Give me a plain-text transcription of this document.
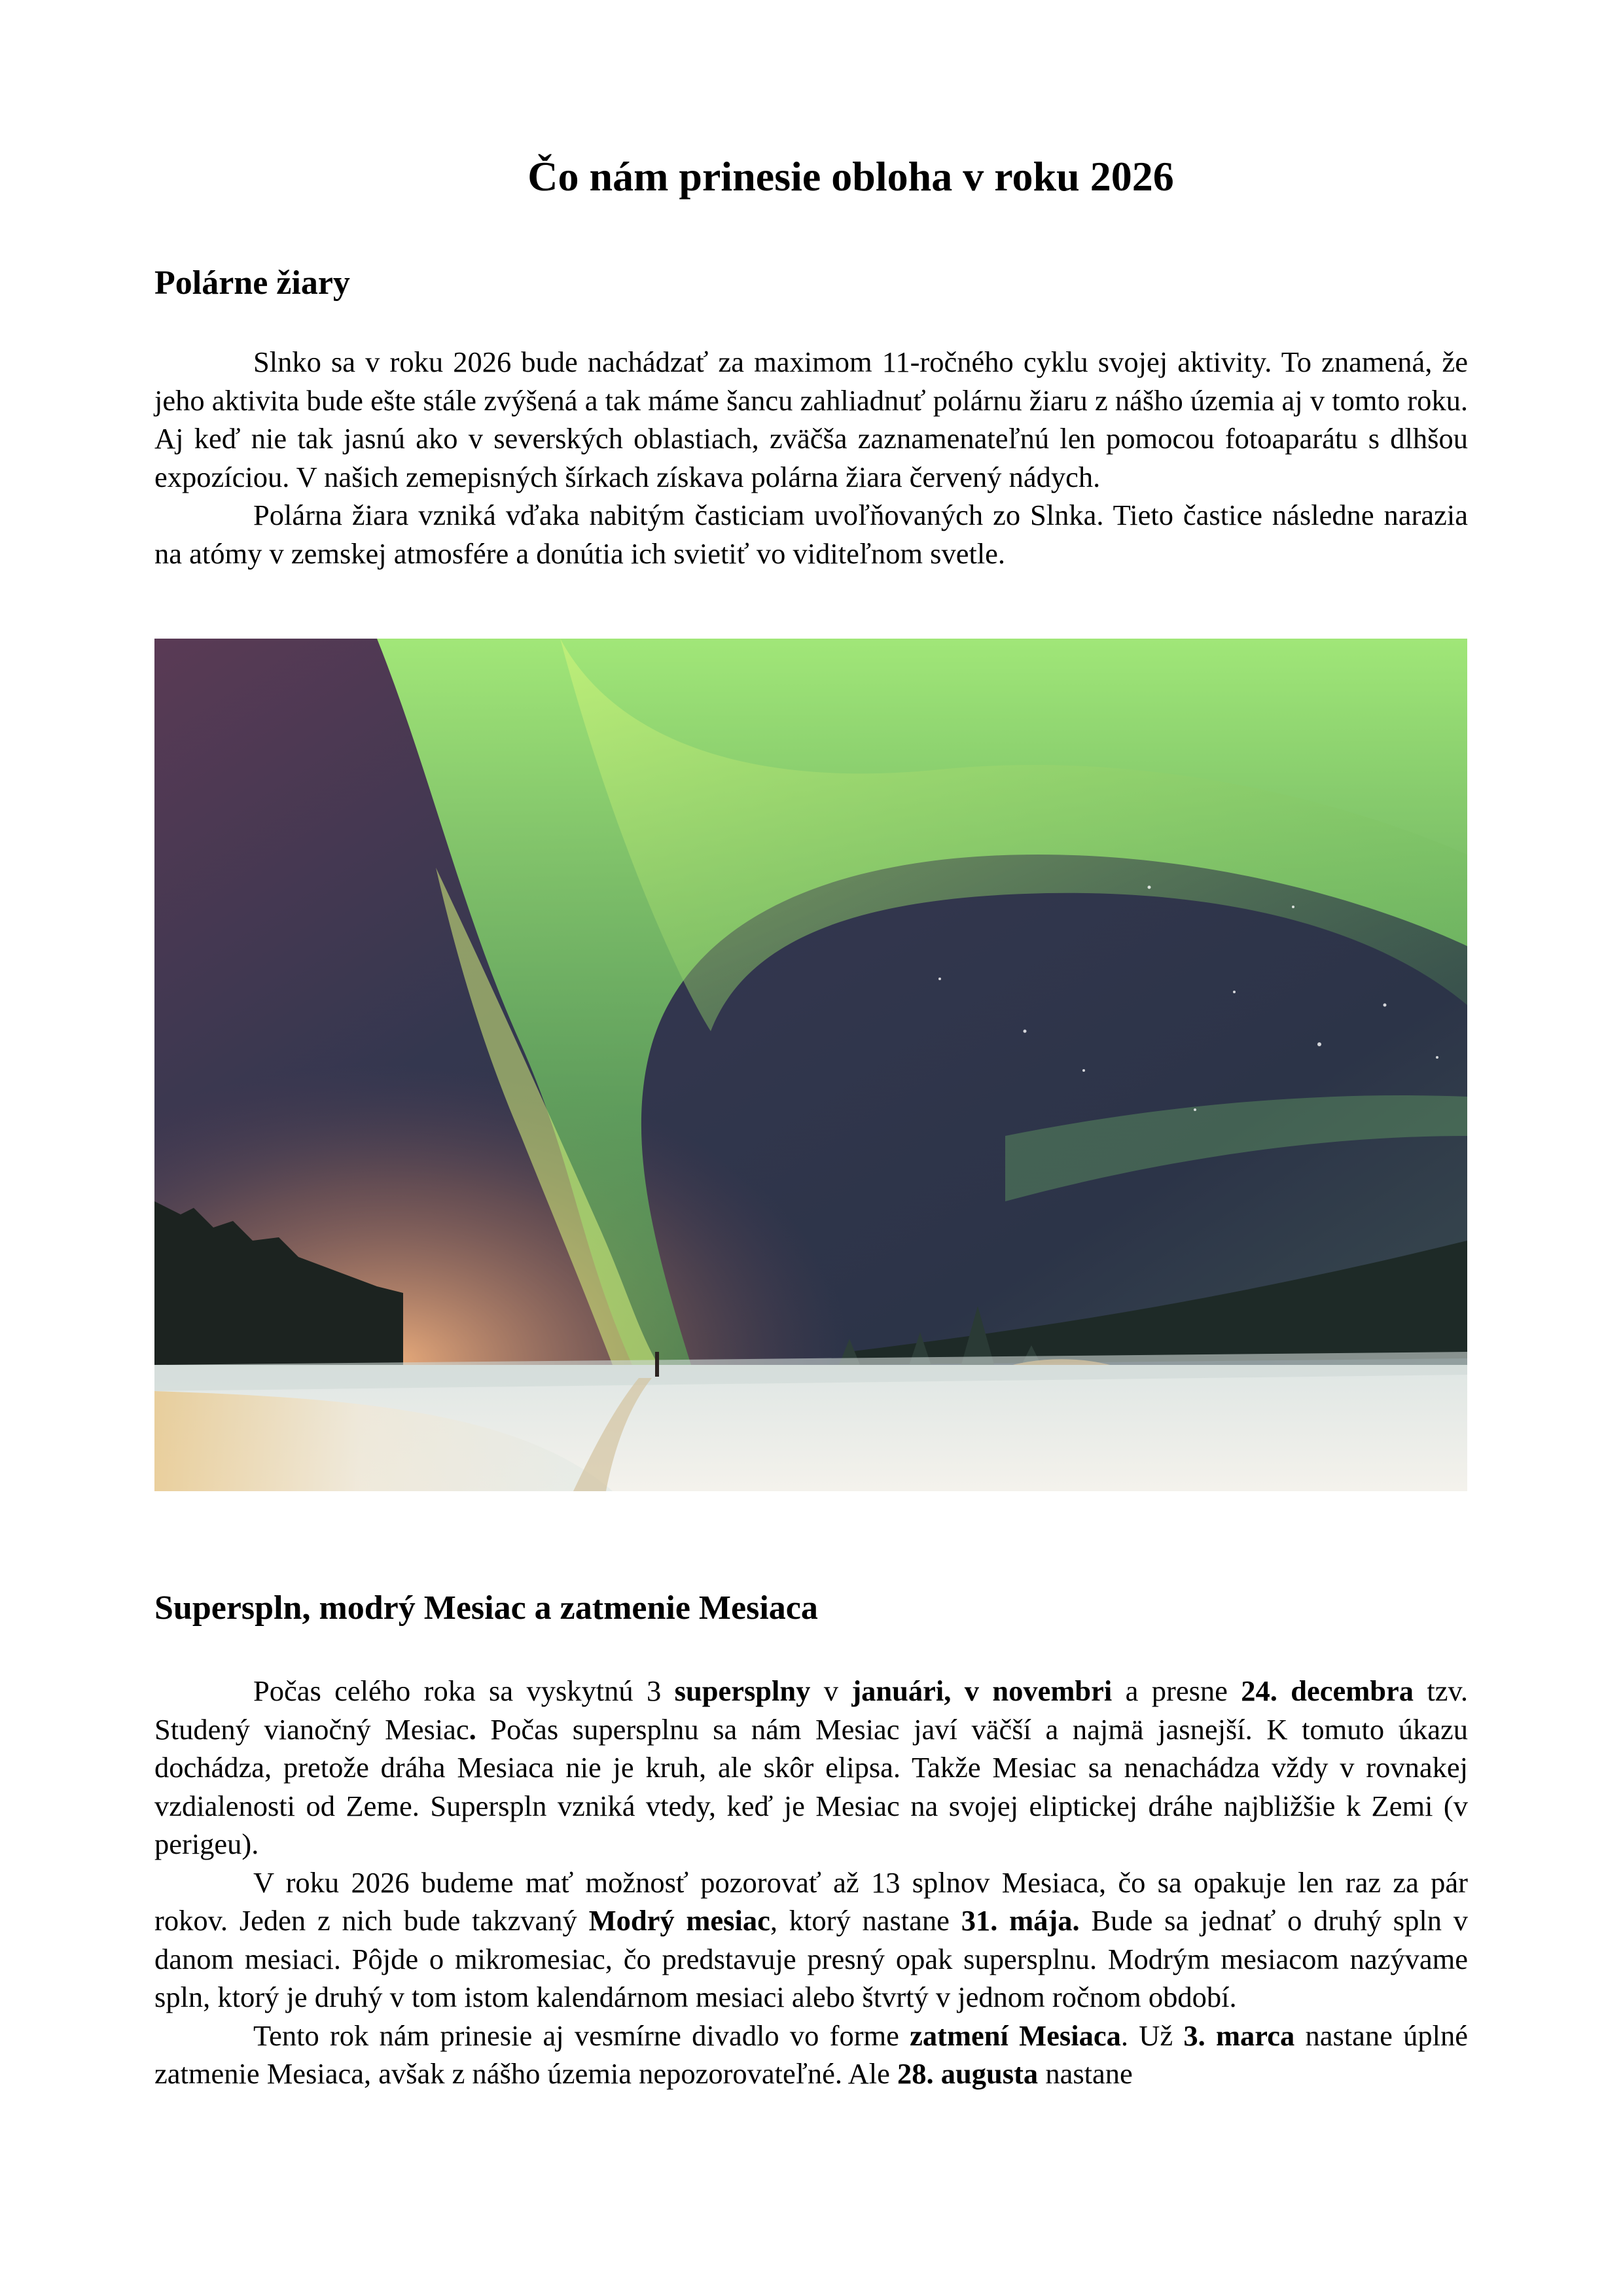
Čo nám prinesie obloha v roku 2026
Polárne žiary

Slnko sa v roku 2026 bude nachádzať za maximom 11-ročného cyklu svojej aktivity. To znamená, že jeho aktivita bude ešte stále zvýšená a tak máme šancu zahliadnuť polárnu žiaru z nášho územia aj v tomto roku. Aj keď nie tak jasnú ako v severských oblastiach, zväčša zaznamenateľnú len pomocou fotoaparátu s dlhšou expozíciou. V našich zemepisných šírkach získava polárna žiara červený nádych.

Polárna žiara vzniká vďaka nabitým časticiam uvoľňovaných zo Slnka. Tieto častice následne narazia na atómy v zemskej atmosfére a donútia ich svietiť vo viditeľnom svetle.

Superspln, modrý Mesiac a zatmenie Mesiaca

Počas celého roka sa vyskytnú 3 supersplny v januári, v novembri a presne 24. decembra tzv. Studený vianočný Mesiac. Počas supersplnu sa nám Mesiac javí väčší a najmä jasnejší. K tomuto úkazu dochádza, pretože dráha Mesiaca nie je kruh, ale skôr elipsa. Takže Mesiac sa nenachádza vždy v rovnakej vzdialenosti od Zeme. Superspln vzniká vtedy, keď je Mesiac na svojej eliptickej dráhe najbližšie k Zemi (v perigeu).

V roku 2026 budeme mať možnosť pozorovať až 13 splnov Mesiaca, čo sa opakuje len raz za pár rokov. Jeden z nich bude takzvaný Modrý mesiac, ktorý nastane 31. mája. Bude sa jednať o druhý spln v danom mesiaci. Pôjde o mikromesiac, čo predstavuje presný opak supersplnu. Modrým mesiacom nazývame spln, ktorý je druhý v tom istom kalendárnom mesiaci alebo štvrtý v jednom ročnom období.

Tento rok nám prinesie aj vesmírne divadlo vo forme zatmení Mesiaca. Už 3. marca nastane úplné zatmenie Mesiaca, avšak z nášho územia nepozorovateľné. Ale 28. augusta nastane
